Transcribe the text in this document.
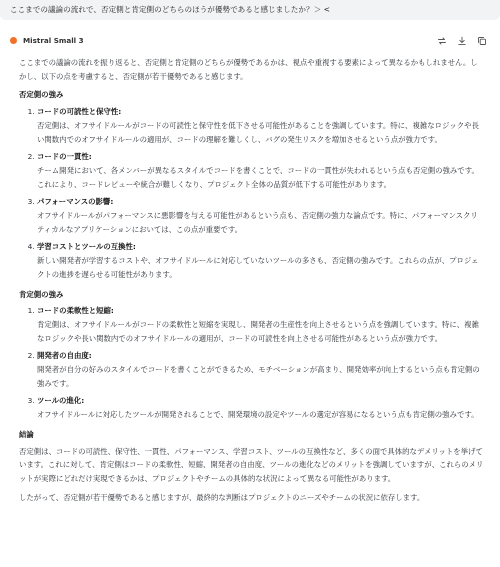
ここまでの議論の流れで、否定側と肯定側のどちらのほうが優勢であると感じましたか？＞ <
Mistral Small 3

ここまでの議論の流れを振り返ると、否定側と肯定側のどちらが優勢であるかは、視点や重視する要素によって異なるかもしれません。しかし、以下の点を考慮すると、否定側が若干優勢であると感じます。

否定側の強み
1. コードの可読性と保守性:
否定側は、オフサイドルールがコードの可読性と保守性を低下させる可能性があることを強調しています。特に、複雑なロジックや長い関数内でのオフサイドルールの適用が、コードの理解を難しくし、バグの発生リスクを増加させるという点が強力です。
2. コードの一貫性:
チーム開発において、各メンバーが異なるスタイルでコードを書くことで、コードの一貫性が失われるという点も否定側の強みです。これにより、コードレビューや統合が難しくなり、プロジェクト全体の品質が低下する可能性があります。
3. パフォーマンスの影響:
オフサイドルールがパフォーマンスに悪影響を与える可能性があるという点も、否定側の強力な論点です。特に、パフォーマンスクリティカルなアプリケーションにおいては、この点が重要です。
4. 学習コストとツールの互換性:
新しい開発者が学習するコストや、オフサイドルールに対応していないツールの多さも、否定側の強みです。これらの点が、プロジェクトの進捗を遅らせる可能性があります。
肯定側の強み
1. コードの柔軟性と短縮:
肯定側は、オフサイドルールがコードの柔軟性と短縮を実現し、開発者の生産性を向上させるという点を強調しています。特に、複雑なロジックや長い関数内でのオフサイドルールの適用が、コードの可読性を向上させる可能性があるという点が強力です。
2. 開発者の自由度:
開発者が自分の好みのスタイルでコードを書くことができるため、モチベーションが高まり、開発効率が向上するという点も肯定側の強みです。
3. ツールの進化:
オフサイドルールに対応したツールが開発されることで、開発環境の設定やツールの選定が容易になるという点も肯定側の強みです。
結論

否定側は、コードの可読性、保守性、一貫性、パフォーマンス、学習コスト、ツールの互換性など、多くの面で具体的なデメリットを挙げています。これに対して、肯定側はコードの柔軟性、短縮、開発者の自由度、ツールの進化などのメリットを強調していますが、これらのメリットが実際にどれだけ実現できるかは、プロジェクトやチームの具体的な状況によって異なる可能性があります。

したがって、否定側が若干優勢であると感じますが、最終的な判断はプロジェクトのニーズやチームの状況に依存します。
